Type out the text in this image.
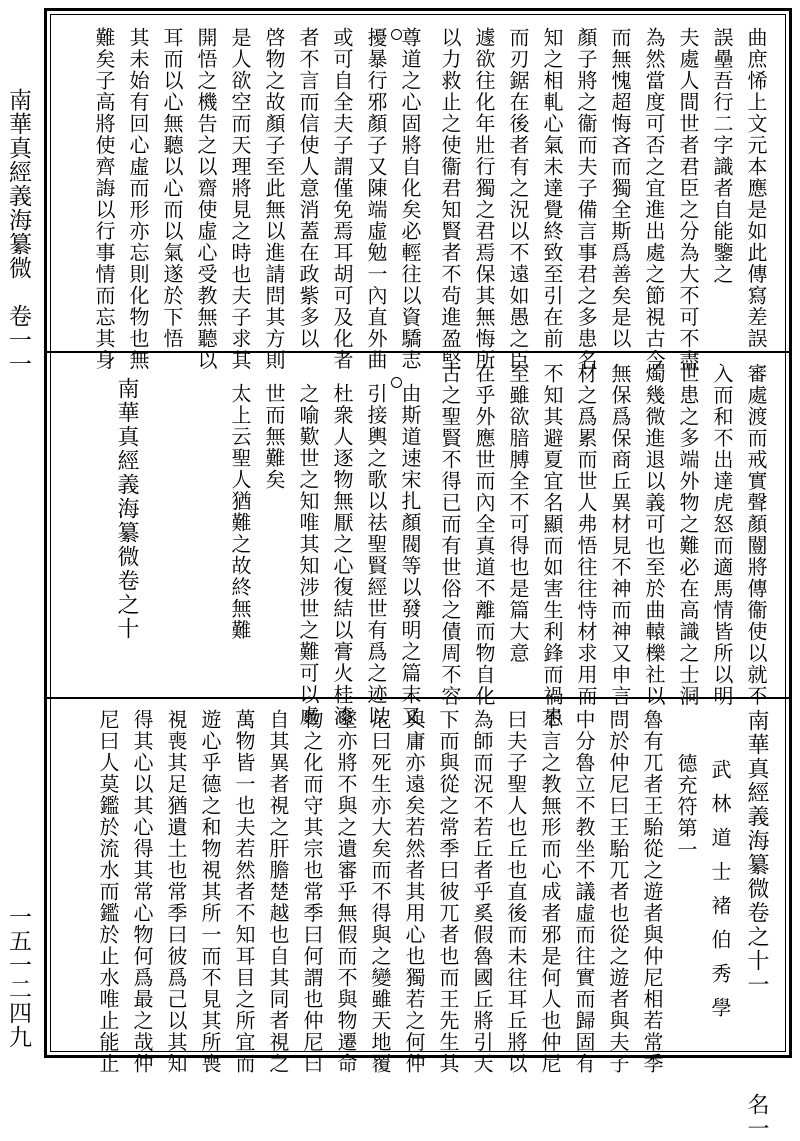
南華真經義海纂微　卷一一
一五一二四九
曲庶悕上文元本應是如此傳寫差誤
誤壘吾行二字識者自能鑒之
夫處人間世者君臣之分為大不可不盡
為然當度可否之宜進出處之節視古今
而無愧超悔吝而獨全斯爲善矣是以
顏子將之衞而夫子備言事君之多患名
知之相軋心氣未達覺終致至引在前
而刃鋸在後者有之況以不遠如愚之臣
遽欲往化年壯行獨之君焉保其無悔所
以力救止之使衞君知賢者不茍進盈堅
尊道之心固將自化矣必輕往以資驕志
擾暴行邪顏子又陳端虛勉一內直外曲
或可自全夫子謂僅免焉耳胡可及化者
者不言而信使人意消蓋在政紫多以
啓物之故顏子至此無以進請問其方則
是人欲空而天理將見之時也夫子求其
開悟之機告之以齋使虛心受教無聽以
耳而以心無聽以心而以氣遂於下悟
其未始有回心虛而形亦忘則化物也無
難矣子高將使齊誨以行事情而忘其身
審處渡而戒實聲顏闓將傳衞使以就不
入而和不出達虎怒而適馬情皆所以明
世患之多端外物之難必在高識之士洞
燭幾微進退以義可也至於曲轅櫟社以
無保爲保商丘異材見不神而神又申言
材之爲累而世人弗悟往往恃材求用而
不知其避夏宜名顯而如害生利鋒而禍患
至雖欲腤膊全不可得也是篇大意
在乎外應世而內全真道不離而物自化
古之聖賢不得已而有世俗之債周不容
由斯道速宋扎顏閥等以發明之篇末又
引接輿之歌以祛聖賢經世有爲之迹以
杜衆人逐物無厭之心復結以膏火桂漆
之喻歎世之知唯其知涉世之難可以處
世而無難矣
太上云聖人猶難之故終無難
南華真經義海纂微卷之十
南華真經義海纂微卷之十一　　　　名一
武林道士褚伯秀學
德充符第一
魯有兀者王駘從之遊者與仲尼相若常季
問於仲尼曰王駘兀者也從之遊者與夫子
中分魯立不教坐不議虛而往實而歸固有
不言之教無形而心成者邪是何人也仲尼
曰夫子聖人也丘也直後而未往耳丘將以
為師而況不若丘者乎奚假魯國丘將引天
下而與從之常季曰彼兀者也而王先生其
與庸亦遠矣若然者其用心也獨若之何仲
尼曰死生亦大矣而不得與之變雖天地覆
墜亦將不與之遺審乎無假而不與物遷命
物之化而守其宗也常季曰何謂也仲尼曰
自其異者視之肝膽楚越也自其同者視之
萬物皆一也夫若然者不知耳目之所宜而
遊心乎德之和物視其所一而不見其所喪
視喪其足猶遺土也常季曰彼爲己以其知
得其心以其心得其常心物何爲最之哉仲
尼曰人莫鑑於流水而鑑於止水唯止能止
